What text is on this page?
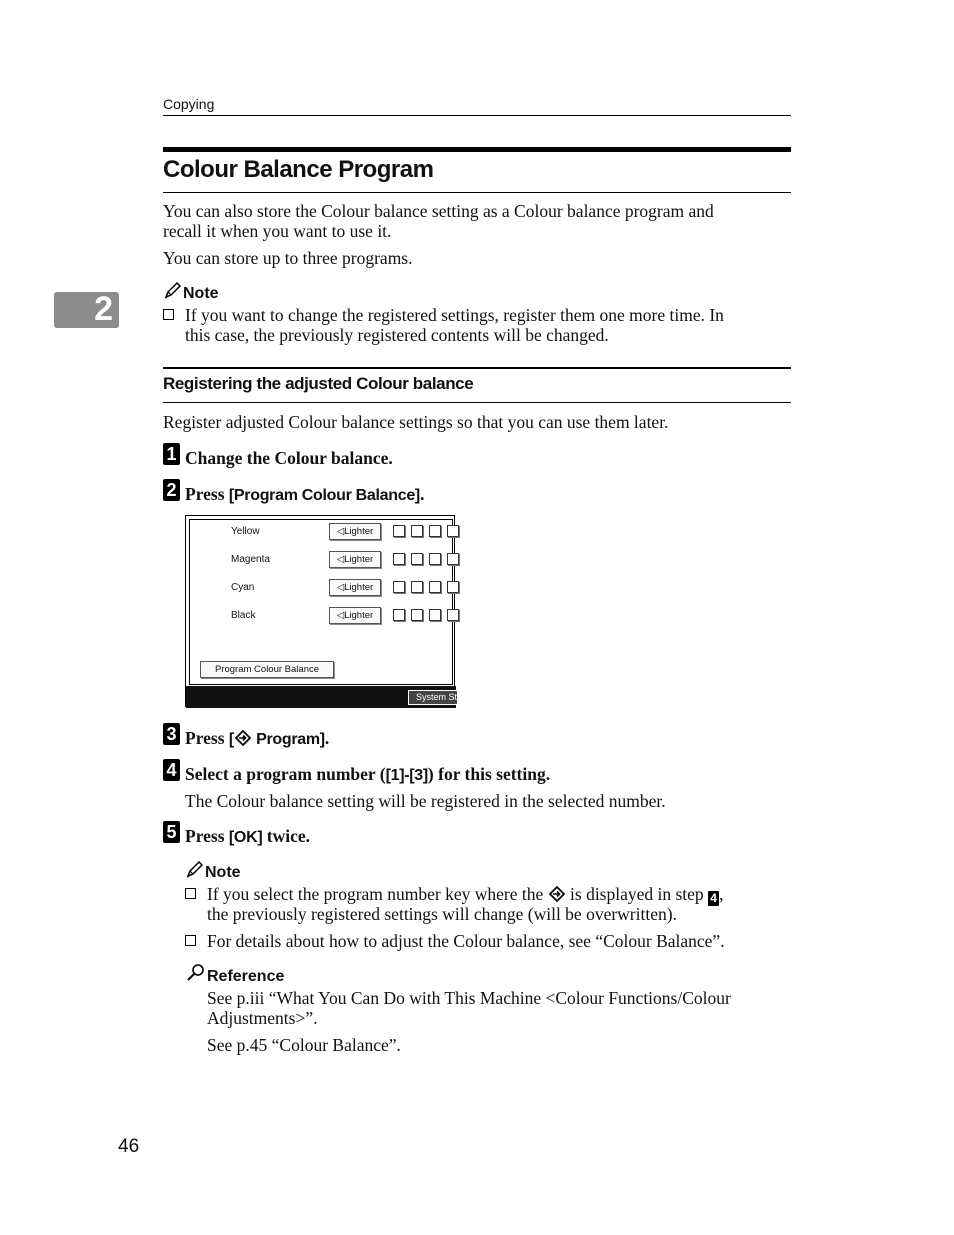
Copying
2
Colour Balance Program
You can also store the Colour balance setting as a Colour balance program and
recall it when you want to use it.
You can store up to three programs.
Note
If you want to change the registered settings, register them one more time. In
this case, the previously registered contents will be changed.
Registering the adjusted Colour balance
Register adjusted Colour balance settings so that you can use them later.
1 Change the Colour balance.
2 Press [Program Colour Balance].
Yellow	◁Lighter
Magenta	◁Lighter
Cyan	◁Lighter
Black	◁Lighter
Program Colour Balance
System Status
3 Press [ Program].
4 Select a program number ([1]-[3]) for this setting.
The Colour balance setting will be registered in the selected number.
5 Press [OK] twice.
Note
If you select the program number key where the  is displayed in step 4 ,
the previously registered settings will change (will be overwritten).
For details about how to adjust the Colour balance, see “Colour Balance”.
Reference
See p.iii “What You Can Do with This Machine <Colour Functions/Colour
Adjustments>”.
See p.45 “Colour Balance”.
46
